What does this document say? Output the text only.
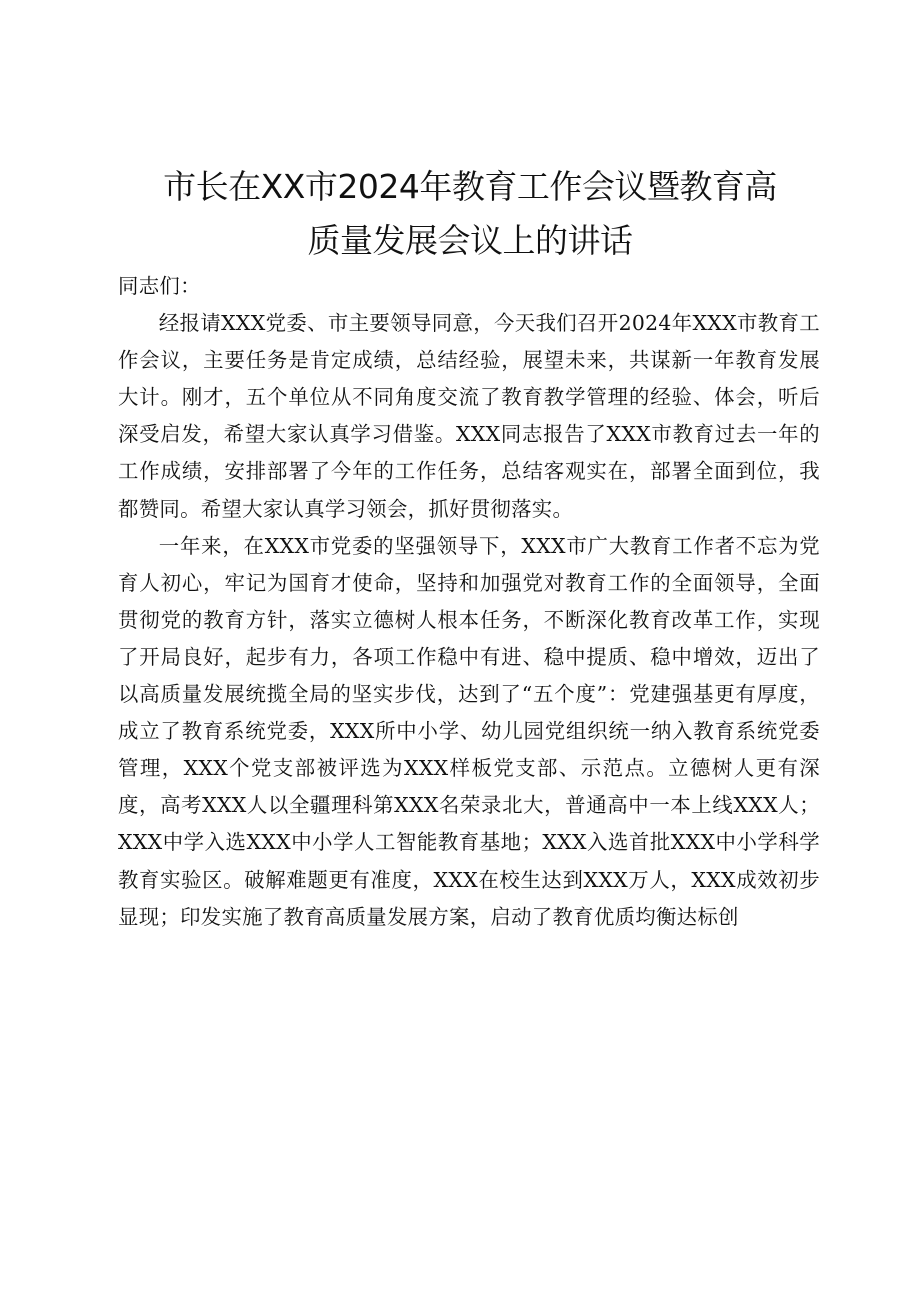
市长在XX市2024年教育工作会议暨教育高
质量发展会议上的讲话

同志们：

经报请XXX党委、市主要领导同意，今天我们召开2024年XXX市教育工作会议，主要任务是肯定成绩，总结经验，展望未来，共谋新一年教育发展大计。刚才，五个单位从不同角度交流了教育教学管理的经验、体会，听后深受启发，希望大家认真学习借鉴。XXX同志报告了XXX市教育过去一年的工作成绩，安排部署了今年的工作任务，总结客观实在，部署全面到位，我都赞同。希望大家认真学习领会，抓好贯彻落实。

一年来，在XXX市党委的坚强领导下，XXX市广大教育工作者不忘为党育人初心，牢记为国育才使命，坚持和加强党对教育工作的全面领导，全面贯彻党的教育方针，落实立德树人根本任务，不断深化教育改革工作，实现了开局良好，起步有力，各项工作稳中有进、稳中提质、稳中增效，迈出了以高质量发展统揽全局的坚实步伐，达到了“五个度”：党建强基更有厚度，成立了教育系统党委，XXX所中小学、幼儿园党组织统一纳入教育系统党委管理，XXX个党支部被评选为XXX样板党支部、示范点。立德树人更有深度，高考XXX人以全疆理科第XXX名荣录北大，普通高中一本上线XXX人；XXX中学入选XXX中小学人工智能教育基地；XXX入选首批XXX中小学科学教育实验区。破解难题更有准度，XXX在校生达到XXX万人，XXX成效初步显现；印发实施了教育高质量发展方案，启动了教育优质均衡达标创
